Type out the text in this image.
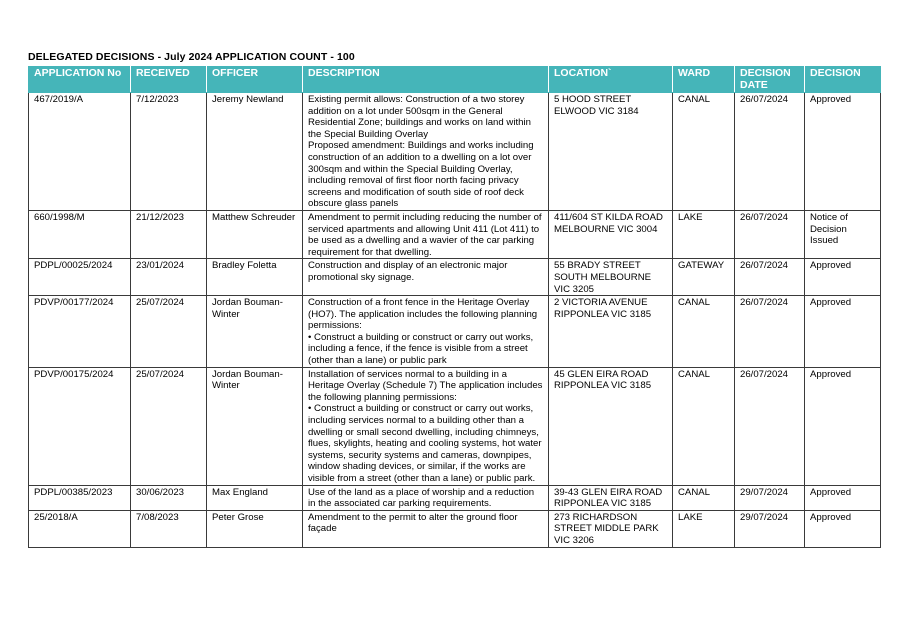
DELEGATED DECISIONS - July 2024 APPLICATION COUNT - 100
APPLICATION No	RECEIVED	OFFICER	DESCRIPTION	LOCATION`	WARD	DECISION DATE	DECISION
467/2019/A	7/12/2023	Jeremy Newland	Existing permit allows: Construction of a two storey addition on a lot under 500sqm in the General Residential Zone; buildings and works on land within the Special Building Overlay
Proposed amendment: Buildings and works including construction of an addition to a dwelling on a lot over 300sqm and within the Special Building Overlay, including removal of first floor north facing privacy screens and modification of south side of roof deck obscure glass panels	5 HOOD STREET ELWOOD VIC 3184	CANAL	26/07/2024	Approved
660/1998/M	21/12/2023	Matthew Schreuder	Amendment to permit including reducing the number of serviced apartments and allowing Unit 411 (Lot 411) to be used as a dwelling and a wavier of the car parking requirement for that dwelling.	411/604 ST KILDA ROAD MELBOURNE VIC 3004	LAKE	26/07/2024	Notice of Decision Issued
PDPL/00025/2024	23/01/2024	Bradley Foletta	Construction and display of an electronic major promotional sky signage.	55 BRADY STREET SOUTH MELBOURNE VIC 3205	GATEWAY	26/07/2024	Approved
PDVP/00177/2024	25/07/2024	Jordan Bouman-Winter	Construction of a front fence in the Heritage Overlay (HO7). The application includes the following planning permissions:
• Construct a building or construct or carry out works, including a fence, if the fence is visible from a street (other than a lane) or public park	2 VICTORIA AVENUE RIPPONLEA VIC 3185	CANAL	26/07/2024	Approved
PDVP/00175/2024	25/07/2024	Jordan Bouman-Winter	Installation of services normal to a building in a Heritage Overlay (Schedule 7) The application includes the following planning permissions:
• Construct a building or construct or carry out works, including services normal to a building other than a dwelling or small second dwelling, including chimneys, flues, skylights, heating and cooling systems, hot water systems, security systems and cameras, downpipes, window shading devices, or similar, if the works are visible from a street (other than a lane) or public park.	45 GLEN EIRA ROAD RIPPONLEA VIC 3185	CANAL	26/07/2024	Approved
PDPL/00385/2023	30/06/2023	Max England	Use of the land as a place of worship and a reduction in the associated car parking requirements.	39-43 GLEN EIRA ROAD RIPPONLEA VIC 3185	CANAL	29/07/2024	Approved
25/2018/A	7/08/2023	Peter Grose	Amendment to the permit to alter the ground floor façade	273 RICHARDSON STREET MIDDLE PARK VIC 3206	LAKE	29/07/2024	Approved
